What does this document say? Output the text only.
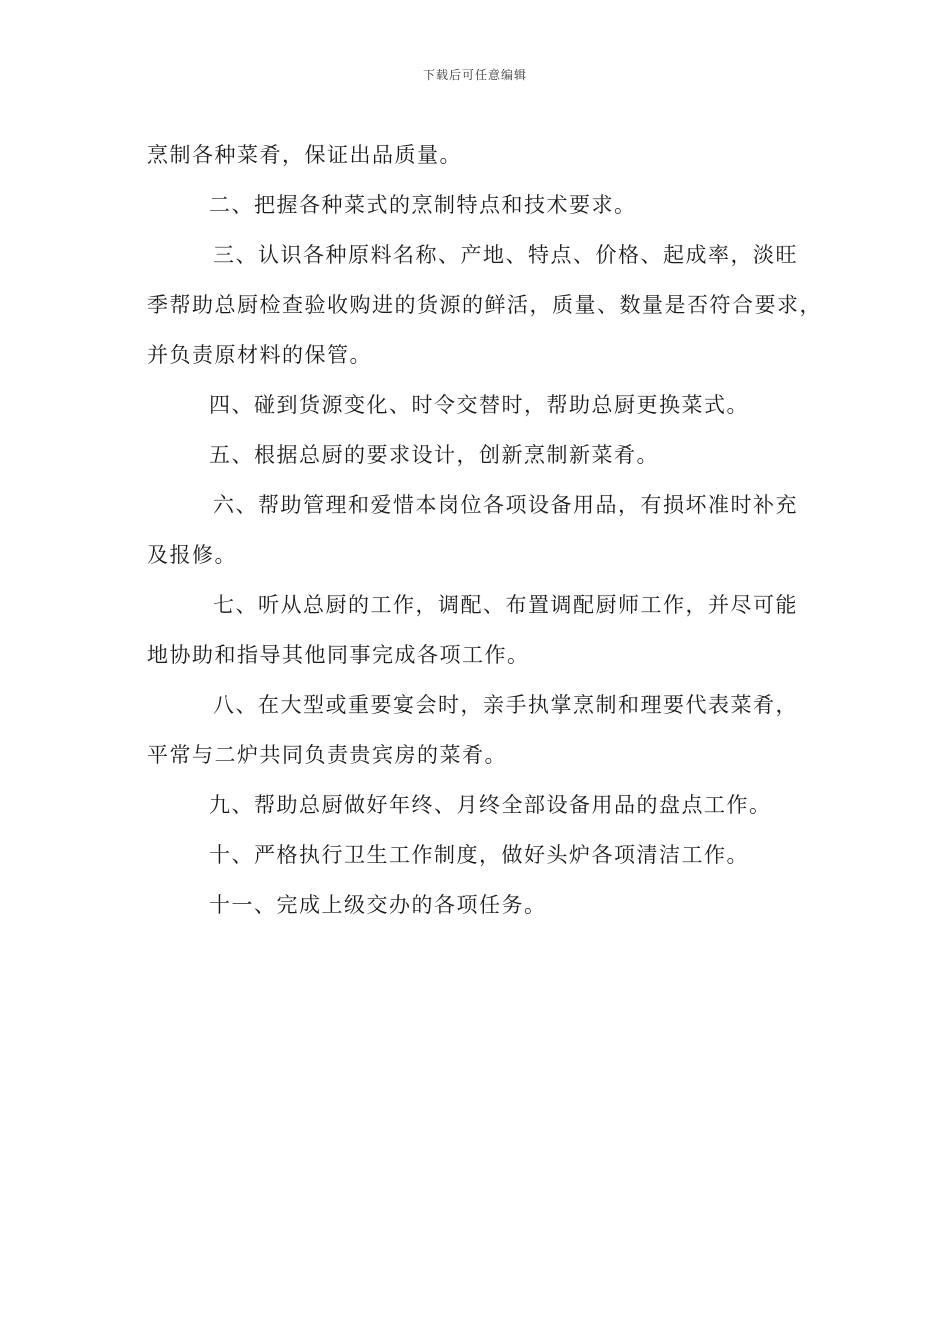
下载后可任意编辑
烹制各种菜肴，保证出品质量。
二、把握各种菜式的烹制特点和技术要求。
三、认识各种原料名称、产地、特点、价格、起成率，淡旺
季帮助总厨检查验收购进的货源的鲜活，质量、数量是否符合要求，
并负责原材料的保管。
四、碰到货源变化、时令交替时，帮助总厨更换菜式。
五、根据总厨的要求设计，创新烹制新菜肴。
六、帮助管理和爱惜本岗位各项设备用品，有损坏准时补充
及报修。
七、听从总厨的工作，调配、布置调配厨师工作，并尽可能
地协助和指导其他同事完成各项工作。
八、在大型或重要宴会时，亲手执掌烹制和理要代表菜肴，
平常与二炉共同负责贵宾房的菜肴。
九、帮助总厨做好年终、月终全部设备用品的盘点工作。
十、严格执行卫生工作制度，做好头炉各项清洁工作。
十一、完成上级交办的各项任务。
